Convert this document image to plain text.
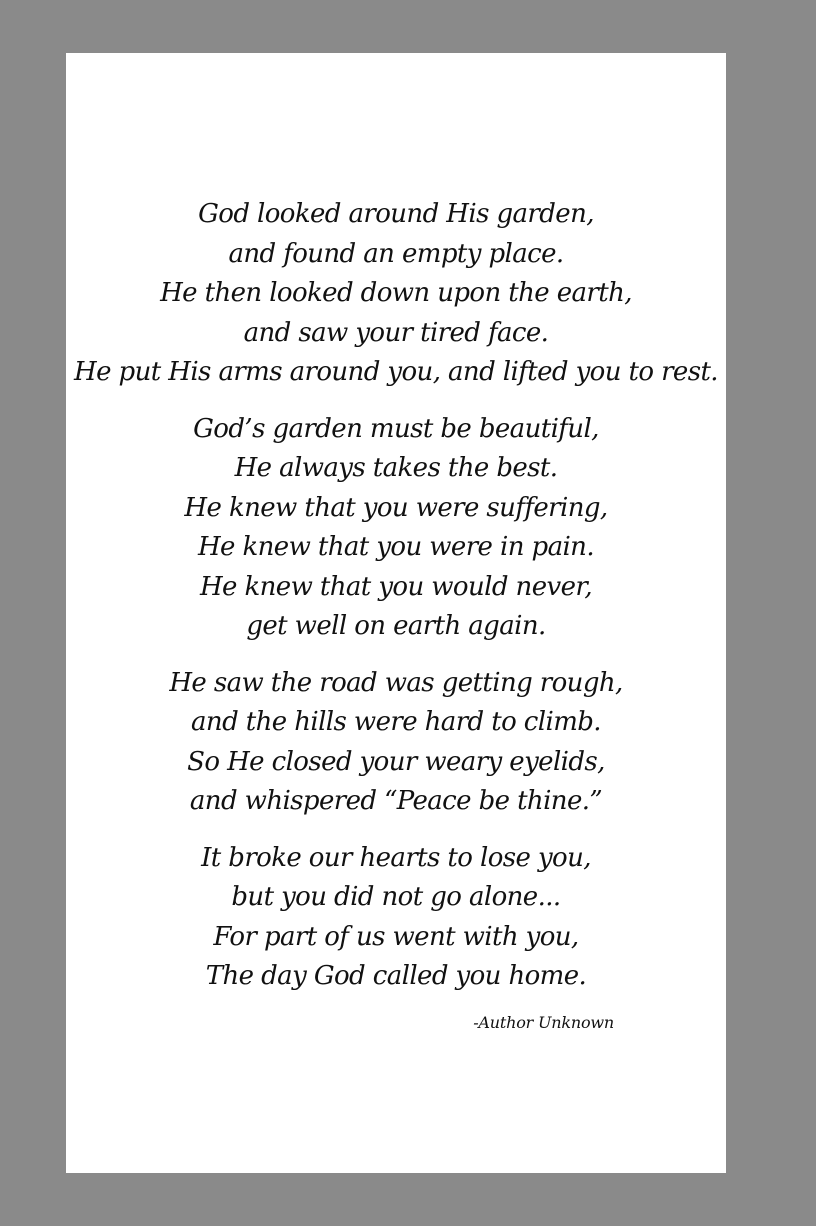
God looked around His garden,
and found an empty place.
He then looked down upon the earth,
and saw your tired face.
He put His arms around you, and lifted you to rest.
God’s garden must be beautiful,
He always takes the best.
He knew that you were suffering,
He knew that you were in pain.
He knew that you would never,
get well on earth again.
He saw the road was getting rough,
and the hills were hard to climb.
So He closed your weary eyelids,
and whispered “Peace be thine.”
It broke our hearts to lose you,
but you did not go alone...
For part of us went with you,
The day God called you home.
-Author Unknown
